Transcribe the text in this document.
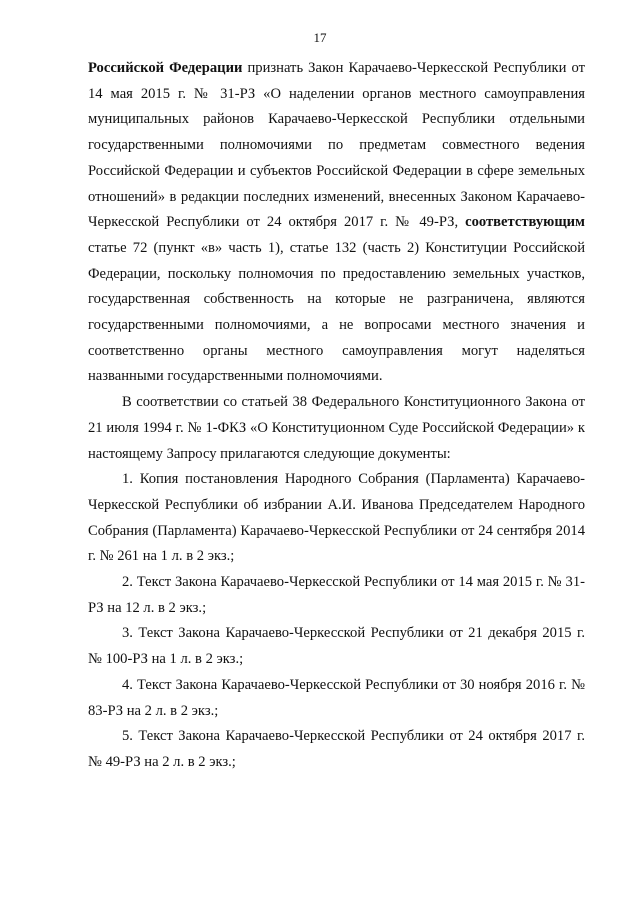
17

Российской Федерации признать Закон Карачаево-Черкесской Республики от 14 мая 2015 г. № 31-РЗ «О наделении органов местного самоуправления муниципальных районов Карачаево-Черкесской Республики отдельными государственными полномочиями по предметам совместного ведения Российской Федерации и субъектов Российской Федерации в сфере земельных отношений» в редакции последних изменений, внесенных Законом Карачаево-Черкесской Республики от 24 октября 2017 г. № 49-РЗ, соответствующим статье 72 (пункт «в» часть 1), статье 132 (часть 2) Конституции Российской Федерации, поскольку полномочия по предоставлению земельных участков, государственная собственность на которые не разграничена, являются государственными полномочиями, а не вопросами местного значения и соответственно органы местного самоуправления могут наделяться названными государственными полномочиями.

В соответствии со статьей 38 Федерального Конституционного Закона от 21 июля 1994 г. № 1-ФКЗ «О Конституционном Суде Российской Федерации» к настоящему Запросу прилагаются следующие документы:

1. Копия постановления Народного Собрания (Парламента) Карачаево-Черкесской Республики об избрании А.И. Иванова Председателем Народного Собрания (Парламента) Карачаево-Черкесской Республики от 24 сентября 2014 г. № 261 на 1 л. в 2 экз.;

2. Текст Закона Карачаево-Черкесской Республики от 14 мая 2015 г. № 31-РЗ на 12 л. в 2 экз.;

3. Текст Закона Карачаево-Черкесской Республики от 21 декабря 2015 г. № 100-РЗ на 1 л. в 2 экз.;

4. Текст Закона Карачаево-Черкесской Республики от 30 ноября 2016 г. № 83-РЗ на 2 л. в 2 экз.;

5. Текст Закона Карачаево-Черкесской Республики от 24 октября 2017 г. № 49-РЗ на 2 л. в 2 экз.;
